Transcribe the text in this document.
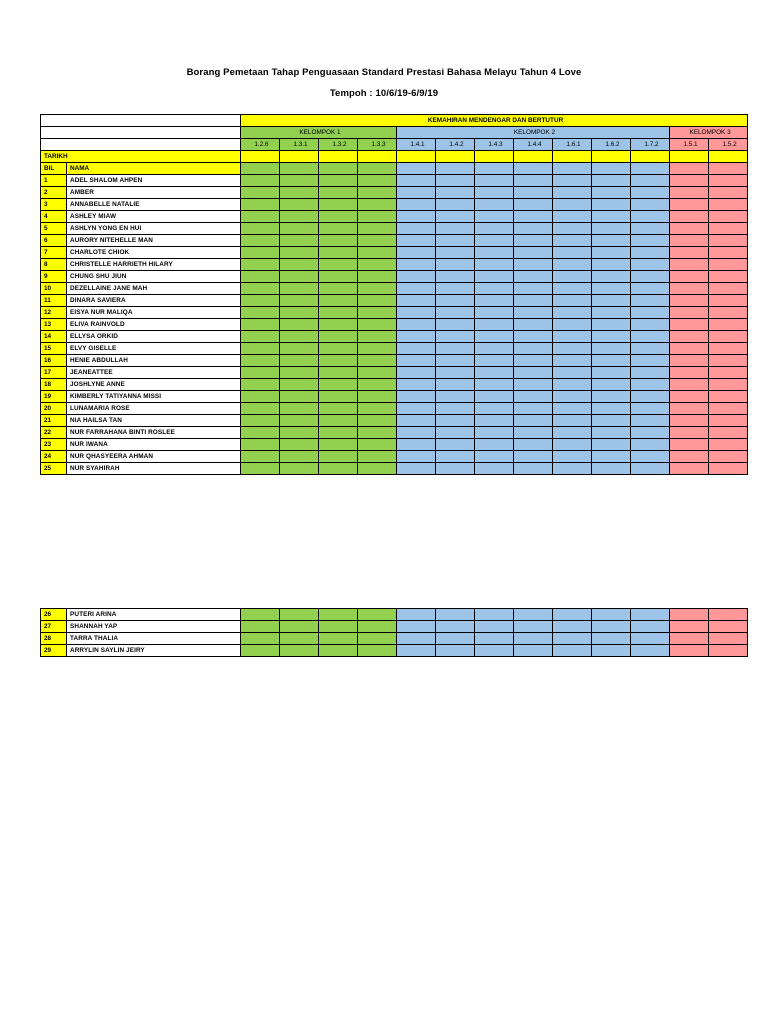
Borang Pemetaan Tahap Penguasaan Standard Prestasi Bahasa Melayu Tahun 4 Love
Tempoh : 10/6/19-6/9/19
		KEMAHIRAN MENDENGAR DAN BERTUTUR												
		KELOMPOK 1				KELOMPOK 2							KELOMPOK 3	
		1.2.6	1.3.1	1.3.2	1.3.3	1.4.1	1.4.2	1.4.3	1.4.4	1.6.1	1.6.2	1.7.2	1.5.1	1.5.2
TARIKH														
BIL	NAMA													
1	ADEL SHALOM AHPEN													
2	AMBER													
3	ANNABELLE NATALIE													
4	ASHLEY MIAW													
5	ASHLYN YONG EN HUI													
6	AURORY NITEHELLE MAN													
7	CHARLOTE CHIOK													
8	CHRISTELLE HARRIETH HILARY													
9	CHUNG SHU JIUN													
10	DEZELLAINE JANE MAH													
11	DINARA SAVIERA													
12	EISYA NUR MALIQA													
13	ELIVA RAINVOLD													
14	ELLYSA ORKID													
15	ELVY GISELLE													
16	HENIE ABDULLAH													
17	JEANEATTEE													
18	JOSHLYNE ANNE													
19	KIMBERLY TATIYANNA MISSI													
20	LUNAMARIA ROSE													
21	NIA HAILSA TAN													
22	NUR FARRAHANA BINTI ROSLEE													
23	NUR IWANA													
24	NUR QHASYEERA AHMAN													
25	NUR SYAHIRAH													
26	PUTERI ARINA													
27	SHANNAH YAP													
28	TARRA THALIA													
29	ARRYLIN SAYLIN JEIRY													
